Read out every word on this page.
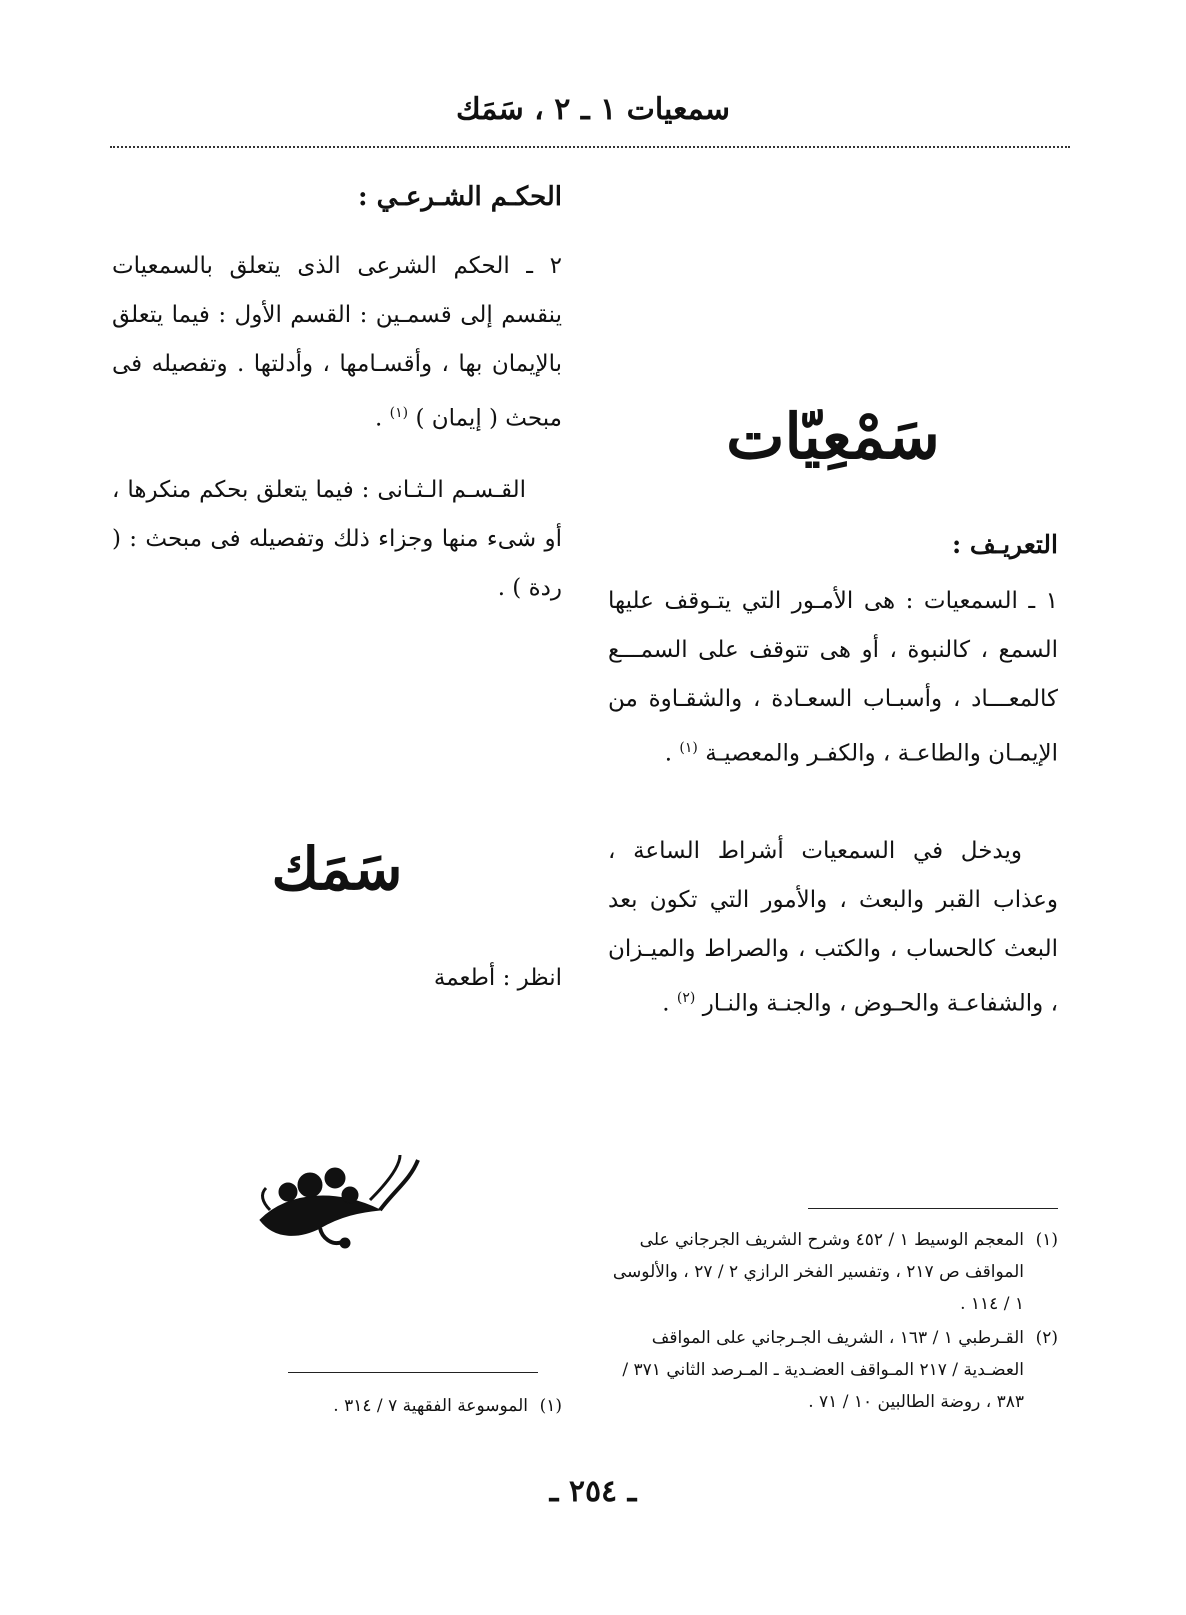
سمعيات ١ ـ ٢ ، سَمَك
سَمْعِيّات
التعريـف :

١ ـ السمعيات : هى الأمـور التي يتـوقف عليها السمع ، كالنبوة ، أو هى تتوقف على السمـــع كالمعـــاد ، وأسبـاب السعـادة ، والشقـاوة من الإيمـان والطاعـة ، والكفـر والمعصيـة $^{(١)}$ .

ويدخل في السمعيات أشراط الساعة ، وعذاب القبر والبعث ، والأمور التي تكون بعد البعث كالحساب ، والكتب ، والصراط والميـزان ، والشفاعـة والحـوض ، والجنـة والنـار $^{(٢)}$ .

الحكـم الشـرعـي :

٢ ـ الحكم الشرعى الذى يتعلق بالسمعيات ينقسم إلى قسمـين : القسم الأول : فيما يتعلق بالإيمان بها ، وأقسـامها ، وأدلتها . وتفصيله فى مبحث ( إيمان ) $^{(١)}$ .

القـسـم الـثـانى : فيما يتعلق بحكم منكرها ، أو شىء منها وجزاء ذلك وتفصيله فى مبحث : ( ردة ) .

سَمَك
انظر : أطعمة
(١)
المعجم الوسيط ١ / ٤٥٢ وشرح الشريف الجرجاني على المواقف ص ٢١٧ ، وتفسير الفخر الرازي ٢ / ٢٧ ، والألوسى ١ / ١١٤ .
(٢)
القـرطبي ١ / ١٦٣ ، الشريف الجـرجاني على المواقف العضـدية / ٢١٧ المـواقف العضـدية ـ المـرصد الثاني ٣٧١ / ٣٨٣ ، روضة الطالبين ١٠ / ٧١ .
(١)
الموسوعة الفقهية ٧ / ٣١٤ .
ـ ٢٥٤ ـ
